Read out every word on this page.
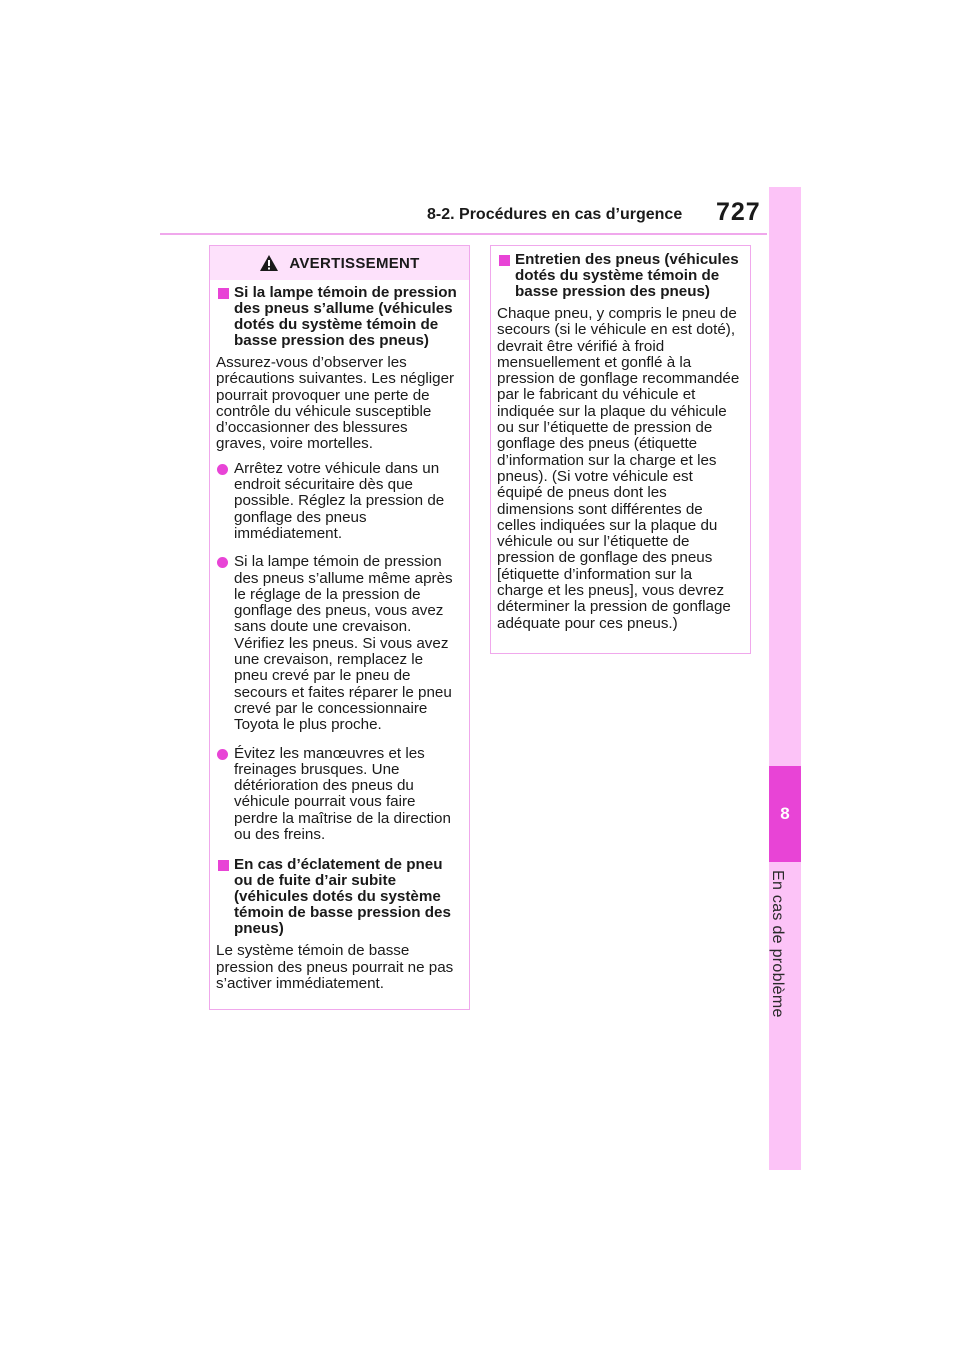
8-2. Procédures en cas d’urgence 727
8
En cas de problème
AVERTISSEMENT
Si la lampe témoin de pression des pneus s’allume (véhicules dotés du système témoin de basse pression des pneus)

Assurez-vous d’observer les précautions suivantes. Les négliger pourrait provoquer une perte de contrôle du véhicule susceptible d’occasionner des blessures graves, voire mortelles.

Arrêtez votre véhicule dans un endroit sécuritaire dès que possible. Réglez la pression de gonflage des pneus immédiatement.
Si la lampe témoin de pression des pneus s’allume même après le réglage de la pression de gonflage des pneus, vous avez sans doute une crevaison. Vérifiez les pneus. Si vous avez une crevaison, remplacez le pneu crevé par le pneu de secours et faites réparer le pneu crevé par le concessionnaire Toyota le plus proche.
Évitez les manœuvres et les freinages brusques. Une détérioration des pneus du véhicule pourrait vous faire perdre la maîtrise de la direction ou des freins.
En cas d’éclatement de pneu ou de fuite d’air subite (véhicules dotés du système témoin de basse pression des pneus)

Le système témoin de basse pression des pneus pourrait ne pas s’activer immédiatement.

Entretien des pneus (véhicules dotés du système témoin de basse pression des pneus)

Chaque pneu, y compris le pneu de secours (si le véhicule en est doté), devrait être vérifié à froid mensuellement et gonflé à la pression de gonflage recommandée par le fabricant du véhicule et indiquée sur la plaque du véhicule ou sur l’étiquette de pression de gonflage des pneus (étiquette d’information sur la charge et les pneus). (Si votre véhicule est équipé de pneus dont les dimensions sont différentes de celles indiquées sur la plaque du véhicule ou sur l’étiquette de pression de gonflage des pneus [étiquette d’information sur la charge et les pneus], vous devrez déterminer la pression de gonflage adéquate pour ces pneus.)
